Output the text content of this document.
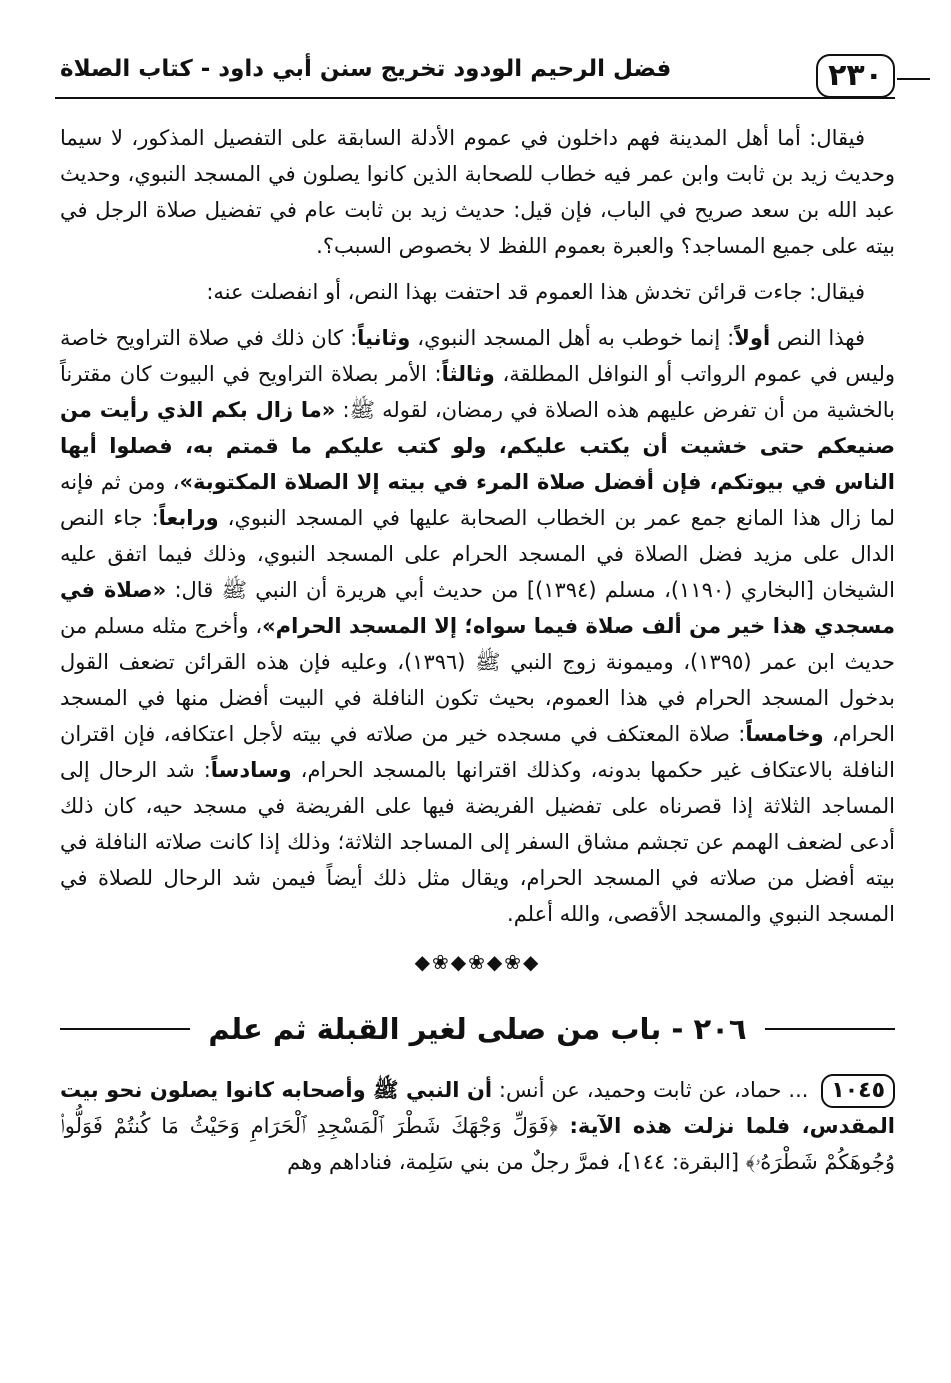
٢٣٠
فضل الرحيم الودود تخريج سنن أبي داود - كتاب الصلاة

فيقال: أما أهل المدينة فهم داخلون في عموم الأدلة السابقة على التفصيل المذكور، لا سيما وحديث زيد بن ثابت وابن عمر فيه خطاب للصحابة الذين كانوا يصلون في المسجد النبوي، وحديث عبد الله بن سعد صريح في الباب، فإن قيل: حديث زيد بن ثابت عام في تفضيل صلاة الرجل في بيته على جميع المساجد؟ والعبرة بعموم اللفظ لا بخصوص السبب؟.

فيقال: جاءت قرائن تخدش هذا العموم قد احتفت بهذا النص، أو انفصلت عنه:

فهذا النص أولاً: إنما خوطب به أهل المسجد النبوي، وثانياً: كان ذلك في صلاة التراويح خاصة وليس في عموم الرواتب أو النوافل المطلقة، وثالثاً: الأمر بصلاة التراويح في البيوت كان مقترناً بالخشية من أن تفرض عليهم هذه الصلاة في رمضان، لقوله ﷺ: «ما زال بكم الذي رأيت من صنيعكم حتى خشيت أن يكتب عليكم، ولو كتب عليكم ما قمتم به، فصلوا أيها الناس في بيوتكم، فإن أفضل صلاة المرء في بيته إلا الصلاة المكتوبة»، ومن ثم فإنه لما زال هذا المانع جمع عمر بن الخطاب الصحابة عليها في المسجد النبوي، ورابعاً: جاء النص الدال على مزيد فضل الصلاة في المسجد الحرام على المسجد النبوي، وذلك فيما اتفق عليه الشيخان [البخاري (١١٩٠)، مسلم (١٣٩٤)] من حديث أبي هريرة أن النبي ﷺ قال: «صلاة في مسجدي هذا خير من ألف صلاة فيما سواه؛ إلا المسجد الحرام»، وأخرج مثله مسلم من حديث ابن عمر (١٣٩٥)، وميمونة زوج النبي ﷺ (١٣٩٦)، وعليه فإن هذه القرائن تضعف القول بدخول المسجد الحرام في هذا العموم، بحيث تكون النافلة في البيت أفضل منها في المسجد الحرام، وخامساً: صلاة المعتكف في مسجده خير من صلاته في بيته لأجل اعتكافه، فإن اقتران النافلة بالاعتكاف غير حكمها بدونه، وكذلك اقترانها بالمسجد الحرام، وسادساً: شد الرحال إلى المساجد الثلاثة إذا قصرناه على تفضيل الفريضة فيها على الفريضة في مسجد حيه، كان ذلك أدعى لضعف الهمم عن تجشم مشاق السفر إلى المساجد الثلاثة؛ وذلك إذا كانت صلاته النافلة في بيته أفضل من صلاته في المسجد الحرام، ويقال مثل ذلك أيضاً فيمن شد الرحال للصلاة في المسجد النبوي والمسجد الأقصى، والله أعلم.

◆❀◆❀◆❀◆
٢٠٦ - باب من صلى لغير القبلة ثم علم

١٠٤٥ ... حماد، عن ثابت وحميد، عن أنس: أن النبي ﷺ وأصحابه كانوا يصلون نحو بيت المقدس، فلما نزلت هذه الآية: ﴿فَوَلِّ وَجْهَكَ شَطْرَ ٱلْمَسْجِدِ ٱلْحَرَامِ وَحَيْثُ مَا كُنتُمْ فَوَلُّوا۟ وُجُوهَكُمْ شَطْرَهُۥ﴾ [البقرة: ١٤٤]، فمرَّ رجلٌ من بني سَلِمة، فناداهم وهم
